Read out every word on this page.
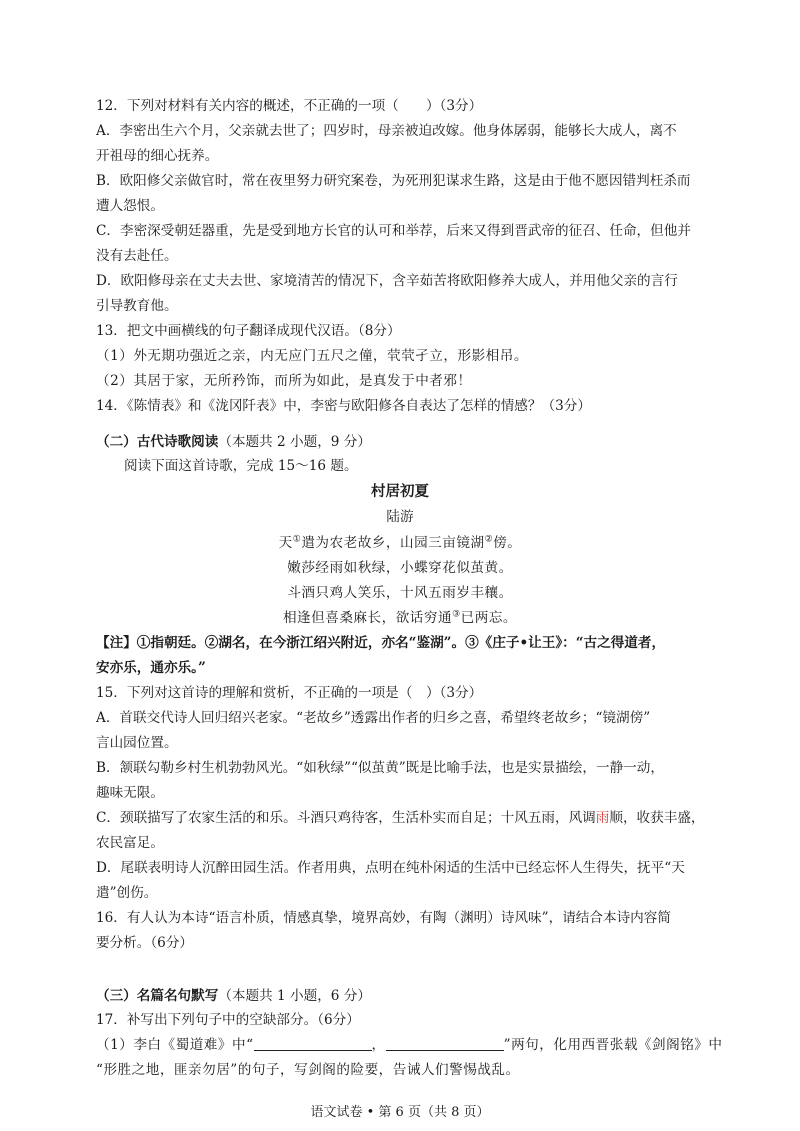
12．下列对材料有关内容的概述，不正确的一项（　　）（3分）
A．李密出生六个月，父亲就去世了；四岁时，母亲被迫改嫁。他身体孱弱，能够长大成人，离不
开祖母的细心抚养。
B．欧阳修父亲做官时，常在夜里努力研究案卷，为死刑犯谋求生路，这是由于他不愿因错判枉杀而
遭人怨恨。
C．李密深受朝廷器重，先是受到地方长官的认可和举荐，后来又得到晋武帝的征召、任命，但他并
没有去赴任。
D．欧阳修母亲在丈夫去世、家境清苦的情况下，含辛茹苦将欧阳修养大成人，并用他父亲的言行
引导教育他。
13．把文中画横线的句子翻译成现代汉语。（8分）
（1）外无期功强近之亲，内无应门五尺之僮，茕茕孑立，形影相吊。
（2）其居于家，无所矜饰，而所为如此，是真发于中者邪！
14．《陈情表》和《泷冈阡表》中，李密与欧阳修各自表达了怎样的情感？（3分）
（二）古代诗歌阅读（本题共 2 小题，9 分）
阅读下面这首诗歌，完成 15～16 题。
村居初夏
陆游
天①遣为农老故乡，山园三亩镜湖②傍。
嫩莎经雨如秋绿，小蝶穿花似茧黄。
斗酒只鸡人笑乐，十风五雨岁丰穰。
相逢但喜桑麻长，欲话穷通③已两忘。
【注】①指朝廷。②湖名，在今浙江绍兴附近，亦名“鉴湖”。③《庄子•让王》：“古之得道者，
安亦乐，通亦乐。”
15．下列对这首诗的理解和赏析，不正确的一项是（　）（3分）
A．首联交代诗人回归绍兴老家。“老故乡”透露出作者的归乡之喜，希望终老故乡；“镜湖傍”
言山园位置。
B．颔联勾勒乡村生机勃勃风光。“如秋绿”“似茧黄”既是比喻手法，也是实景描绘，一静一动，
趣味无限。
C．颈联描写了农家生活的和乐。斗酒只鸡待客，生活朴实而自足；十风五雨，风调雨顺，收获丰盛，
农民富足。
D．尾联表明诗人沉醉田园生活。作者用典，点明在纯朴闲适的生活中已经忘怀人生得失，抚平“天
遣”创伤。
16．有人认为本诗“语言朴质，情感真挚，境界高妙，有陶（渊明）诗风味”，请结合本诗内容简
要分析。（6分）
（三）名篇名句默写（本题共 1 小题，6 分）
17．补写出下列句子中的空缺部分。（6分）
（1）李白《蜀道难》中“	，	”两句，化用西晋张载《剑阁铭》中
“形胜之地，匪亲勿居”的句子，写剑阁的险要，告诫人们警惕战乱。
语文试卷 • 第 6 页（共 8 页）
